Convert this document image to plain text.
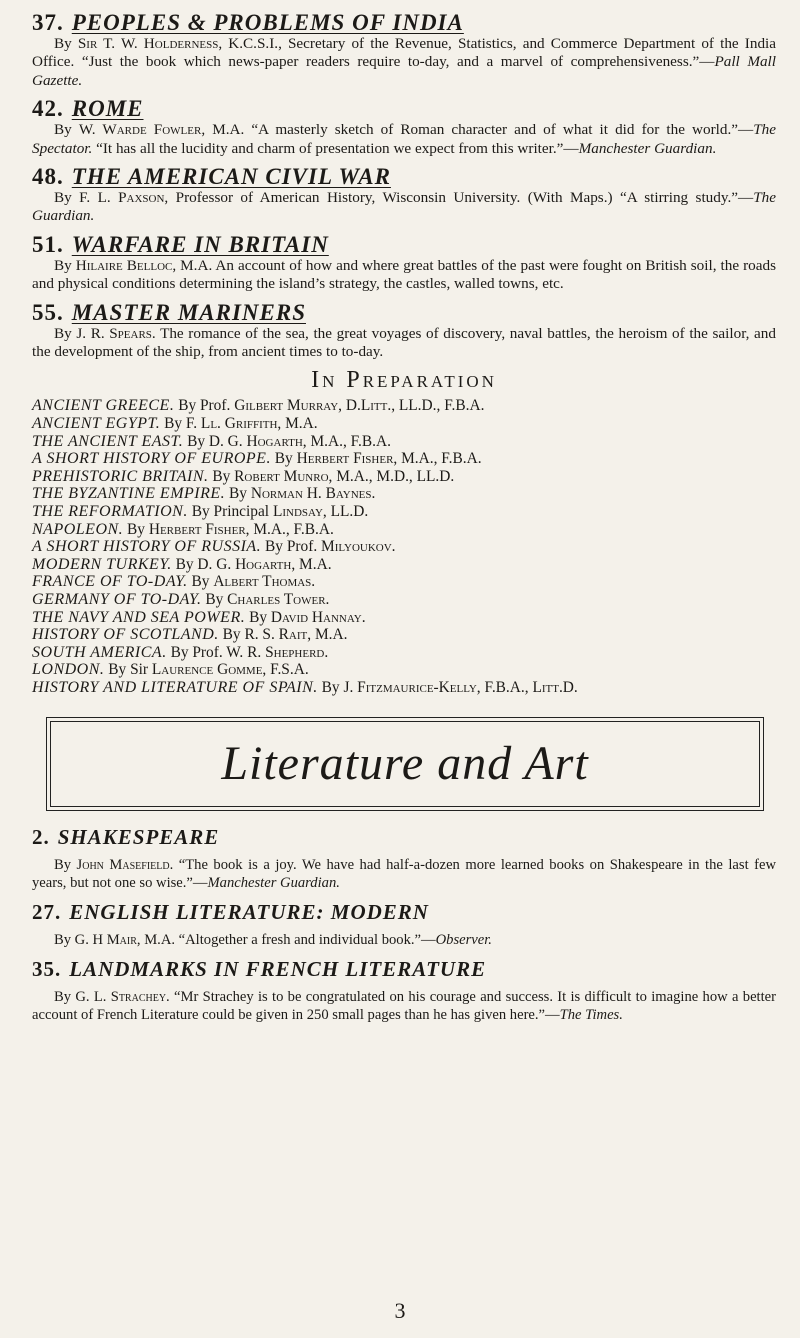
37. PEOPLES & PROBLEMS OF INDIA

By Sir T. W. Holderness, K.C.S.I., Secretary of the Revenue, Statistics, and Commerce Department of the India Office. “Just the book which news-paper readers require to-day, and a marvel of comprehensiveness.”—Pall Mall Gazette.

42. ROME

By W. Warde Fowler, M.A. “A masterly sketch of Roman character and of what it did for the world.”—The Spectator. “It has all the lucidity and charm of presentation we expect from this writer.”—Manchester Guardian.

48. THE AMERICAN CIVIL WAR

By F. L. Paxson, Professor of American History, Wisconsin University. (With Maps.) “A stirring study.”—The Guardian.

51. WARFARE IN BRITAIN

By Hilaire Belloc, M.A. An account of how and where great battles of the past were fought on British soil, the roads and physical conditions determining the island’s strategy, the castles, walled towns, etc.

55. MASTER MARINERS

By J. R. Spears. The romance of the sea, the great voyages of discovery, naval battles, the heroism of the sailor, and the development of the ship, from ancient times to to-day.

In Preparation

ANCIENT GREECE. By Prof. Gilbert Murray, D.Litt., LL.D., F.B.A.

ANCIENT EGYPT. By F. Ll. Griffith, M.A.

THE ANCIENT EAST. By D. G. Hogarth, M.A., F.B.A.

A SHORT HISTORY OF EUROPE. By Herbert Fisher, M.A., F.B.A.

PREHISTORIC BRITAIN. By Robert Munro, M.A., M.D., LL.D.

THE BYZANTINE EMPIRE. By Norman H. Baynes.

THE REFORMATION. By Principal Lindsay, LL.D.

NAPOLEON. By Herbert Fisher, M.A., F.B.A.

A SHORT HISTORY OF RUSSIA. By Prof. Milyoukov.

MODERN TURKEY. By D. G. Hogarth, M.A.

FRANCE OF TO-DAY. By Albert Thomas.

GERMANY OF TO-DAY. By Charles Tower.

THE NAVY AND SEA POWER. By David Hannay.

HISTORY OF SCOTLAND. By R. S. Rait, M.A.

SOUTH AMERICA. By Prof. W. R. Shepherd.

LONDON. By Sir Laurence Gomme, F.S.A.

HISTORY AND LITERATURE OF SPAIN. By J. Fitzmaurice-Kelly, F.B.A., Litt.D.

Literature and Art
2. SHAKESPEARE

By John Masefield. “The book is a joy. We have had half-a-dozen more learned books on Shakespeare in the last few years, but not one so wise.”—Manchester Guardian.

27. ENGLISH LITERATURE: MODERN

By G. H Mair, M.A. “Altogether a fresh and individual book.”—Observer.

35. LANDMARKS IN FRENCH LITERATURE

By G. L. Strachey. “Mr Strachey is to be congratulated on his courage and success. It is difficult to imagine how a better account of French Literature could be given in 250 small pages than he has given here.”—The Times.

3
